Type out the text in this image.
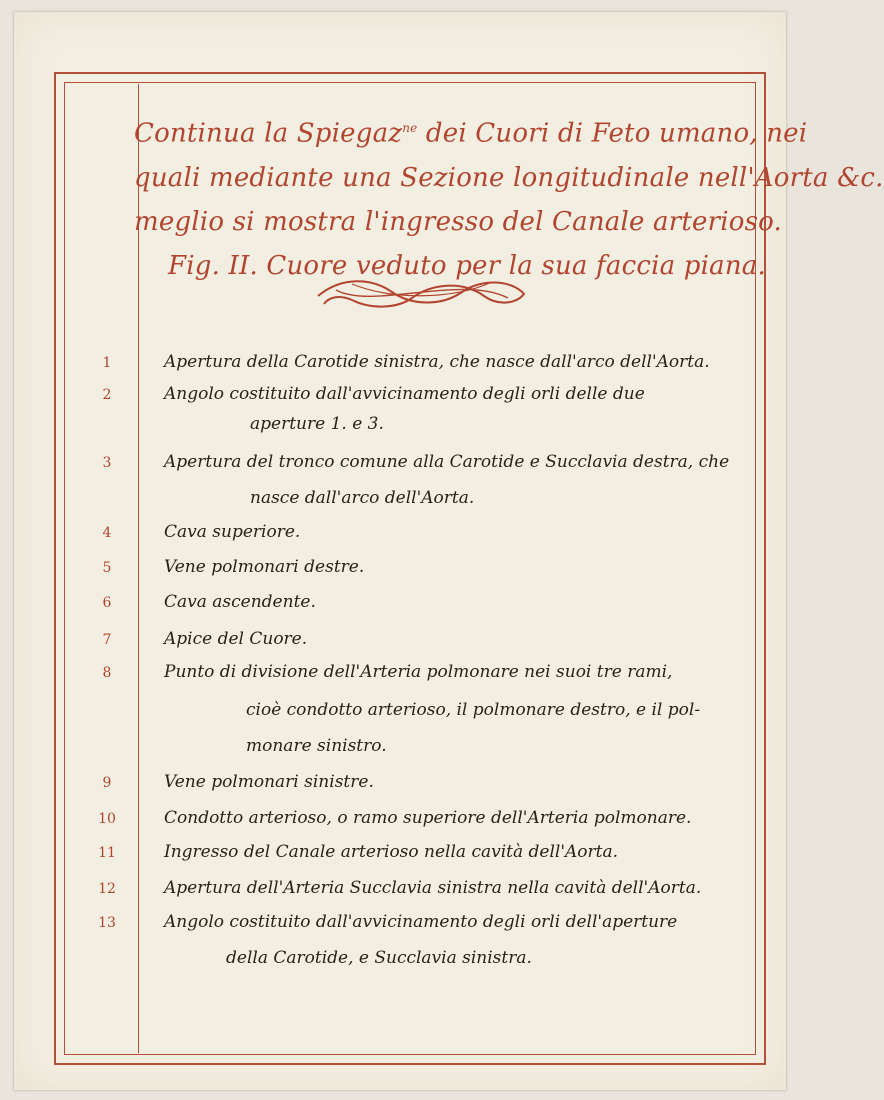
Continua la Spiegaz$^{ne}$ dei Cuori di Feto umano, nei
quali mediante una Sezione longitudinale nell'Aorta &c.
meglio si mostra l'ingresso del Canale arterioso.
Fig. II. Cuore veduto per la sua faccia piana.
1	Apertura della Carotide sinistra, che nasce dall'arco dell'Aorta.
2	Angolo costituito dall'avvicinamento degli orli delle due
aperture 1. e 3.
3	Apertura del tronco comune alla Carotide e Succlavia destra, che
nasce dall'arco dell'Aorta.
4	Cava superiore.
5	Vene polmonari destre.
6	Cava ascendente.
7	Apice del Cuore.
8	Punto di divisione dell'Arteria polmonare nei suoi tre rami,
cioè condotto arterioso, il polmonare destro, e il pol-
monare sinistro.
9	Vene polmonari sinistre.
10	Condotto arterioso, o ramo superiore dell'Arteria polmonare.
11	Ingresso del Canale arterioso nella cavità dell'Aorta.
12	Apertura dell'Arteria Succlavia sinistra nella cavità dell'Aorta.
13	Angolo costituito dall'avvicinamento degli orli dell'aperture
della Carotide, e Succlavia sinistra.
